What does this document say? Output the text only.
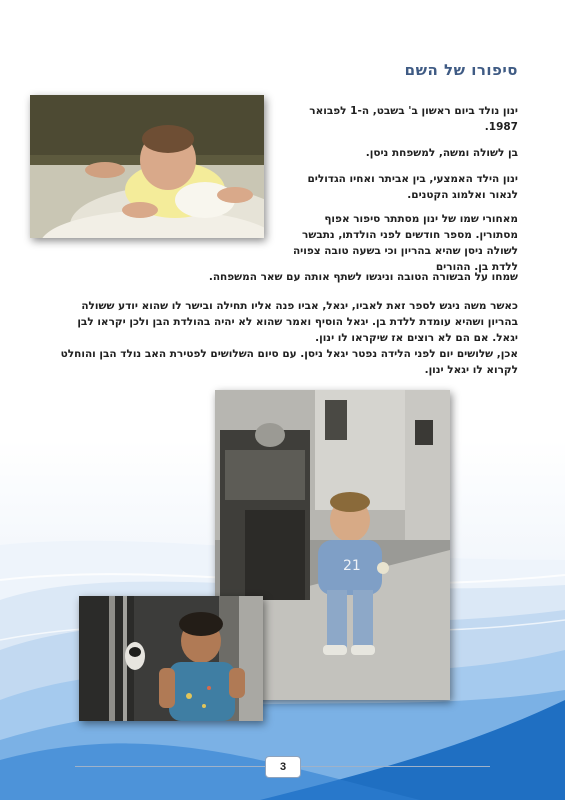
סיפורו של השם

ינון נולד ביום ראשון ב' בשבט, ה-1 לפבואר 1987.

בן לשולה ומשה, למשפחת ניסן.

ינון הילד האמצעי, בין אביתר ואחיו הגדולים לנאור ואלמוג הקטנים.

מאחורי שמו של ינון מסתתר סיפור אפוף מסתורין. מספר חודשים לפני הולדתו, נתבשר לשולה ניסן שהיא בהריון וכי בשעה טובה צפויה ללדת בן. ההורים

שמחו על הבשורה הטובה וניגשו לשתף אותה עם שאר המשפחה.

כאשר משה ניגש לספר זאת לאביו, יגאל, אביו פנה אליו תחילה ובישר לו שהוא יודע ששולה בהריון ושהיא עומדת ללדת בן. יגאל הוסיף ואמר שהוא לא יהיה בהולדת הבן ולכן יקראו לבן יגאל. אם הם לא רוצים אז שיקראו לו ינון.

אכן, שלושים יום לפני הלידה נפטר יגאל ניסן. עם סיום השלושים לפטירת האב נולד הבן והוחלט לקרוא לו יגאל ינון.

21
3
